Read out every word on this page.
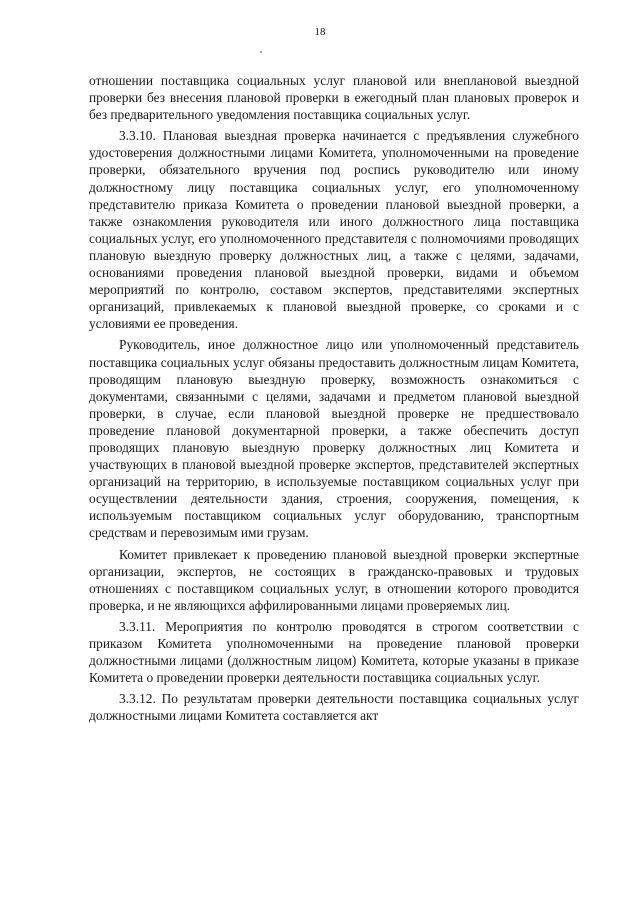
18

отношении поставщика социальных услуг плановой или внеплановой выездной проверки без внесения плановой проверки в ежегодный план плановых проверок и без предварительного уведомления поставщика социальных услуг.

3.3.10. Плановая выездная проверка начинается с предъявления служебного удостоверения должностными лицами Комитета, уполномоченными на проведение проверки, обязательного вручения под роспись руководителю или иному должностному лицу поставщика социальных услуг, его уполномоченному представителю приказа Комитета о проведении плановой выездной проверки, а также ознакомления руководителя или иного должностного лица поставщика социальных услуг, его уполномоченного представителя с полномочиями проводящих плановую выездную проверку должностных лиц, а также с целями, задачами, основаниями проведения плановой выездной проверки, видами и объемом мероприятий по контролю, составом экспертов, представителями экспертных организаций, привлекаемых к плановой выездной проверке, со сроками и с условиями ее проведения.

Руководитель, иное должностное лицо или уполномоченный представитель поставщика социальных услуг обязаны предоставить должностным лицам Комитета, проводящим плановую выездную проверку, возможность ознакомиться с документами, связанными с целями, задачами и предметом плановой выездной проверки, в случае, если плановой выездной проверке не предшествовало проведение плановой документарной проверки, а также обеспечить доступ проводящих плановую выездную проверку должностных лиц Комитета и участвующих в плановой выездной проверке экспертов, представителей экспертных организаций на территорию, в используемые поставщиком социальных услуг при осуществлении деятельности здания, строения, сооружения, помещения, к используемым поставщиком социальных услуг оборудованию, транспортным средствам и перевозимым ими грузам.

Комитет привлекает к проведению плановой выездной проверки экспертные организации, экспертов, не состоящих в гражданско-правовых и трудовых отношениях с поставщиком социальных услуг, в отношении которого проводится проверка, и не являющихся аффилированными лицами проверяемых лиц.

3.3.11. Мероприятия по контролю проводятся в строгом соответствии с приказом Комитета уполномоченными на проведение плановой проверки должностными лицами (должностным лицом) Комитета, которые указаны в приказе Комитета о проведении проверки деятельности поставщика социальных услуг.

3.3.12. По результатам проверки деятельности поставщика социальных услуг должностными лицами Комитета составляется акт
